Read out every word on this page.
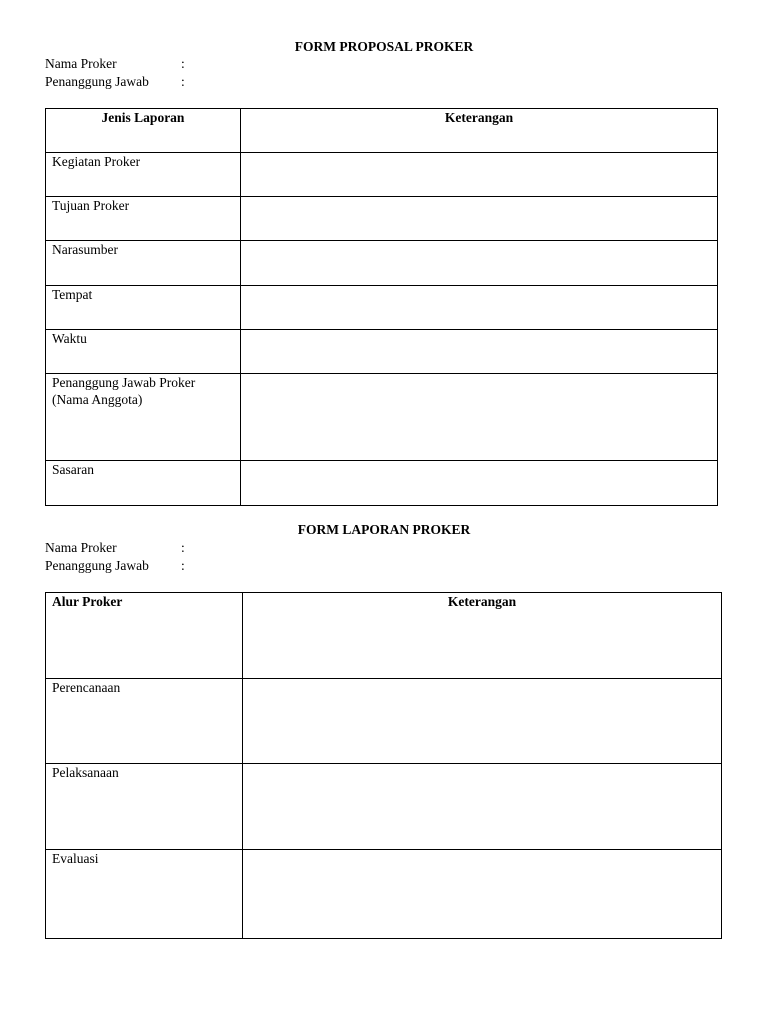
FORM PROPOSAL PROKER
Nama Proker	:
Penanggung Jawab	:
Jenis Laporan	Keterangan
Kegiatan Proker	
Tujuan Proker	
Narasumber	
Tempat	
Waktu	

Penanggung Jawab Proker
(Nama Anggota)	

Sasaran	
FORM LAPORAN PROKER
Nama Proker	:
Penanggung Jawab	:
Alur Proker	Keterangan
Perencanaan	
Pelaksanaan	
Evaluasi	
